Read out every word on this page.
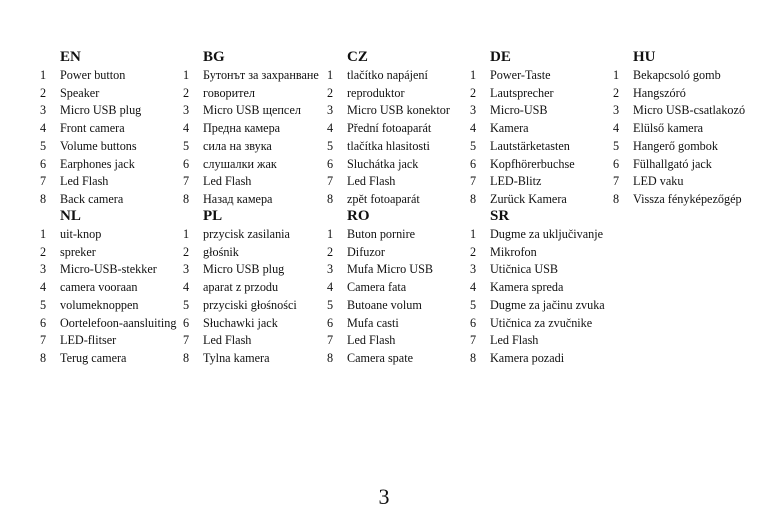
EN
1 Power button
2 Speaker
3 Micro USB plug
4 Front camera
5 Volume buttons
6 Earphones jack
7 Led Flash
8 Back camera
BG
1 Бутонът за захранване
2 говорител
3 Micro USB щепсел
4 Предна камера
5 сила на звука
6 слушалки жак
7 Led Flash
8 Назад камера
CZ
1 tlačítko napájení
2 reproduktor
3 Micro USB konektor
4 Přední fotoaparát
5 tlačítka hlasitosti
6 Sluchátka jack
7 Led Flash
8 zpět fotoaparát
DE
1 Power-Taste
2 Lautsprecher
3 Micro-USB
4 Kamera
5 Lautstärketasten
6 Kopfhörerbuchse
7 LED-Blitz
8 Zurück Kamera
HU
1 Bekapcsoló gomb
2 Hangszóró
3 Micro USB-csatlakozó
4 Elülső kamera
5 Hangerő gombok
6 Fülhallgató jack
7 LED vaku
8 Vissza fényképezőgép
NL
1 uit-knop
2 spreker
3 Micro-USB-stekker
4 camera vooraan
5 volumeknoppen
6 Oortelefoon-aansluiting
7 LED-flitser
8 Terug camera
PL
1 przycisk zasilania
2 głośnik
3 Micro USB plug
4 aparat z przodu
5 przyciski głośności
6 Słuchawki jack
7 Led Flash
8 Tylna kamera
RO
1 Buton pornire
2 Difuzor
3 Mufa Micro USB
4 Camera fata
5 Butoane volum
6 Mufa casti
7 Led Flash
8 Camera spate
SR
1 Dugme za uključivanje
2 Mikrofon
3 Utičnica USB
4 Kamera spreda
5 Dugme za jačinu zvuka
6 Utičnica za zvučnike
7 Led Flash
8 Kamera pozadi
3
